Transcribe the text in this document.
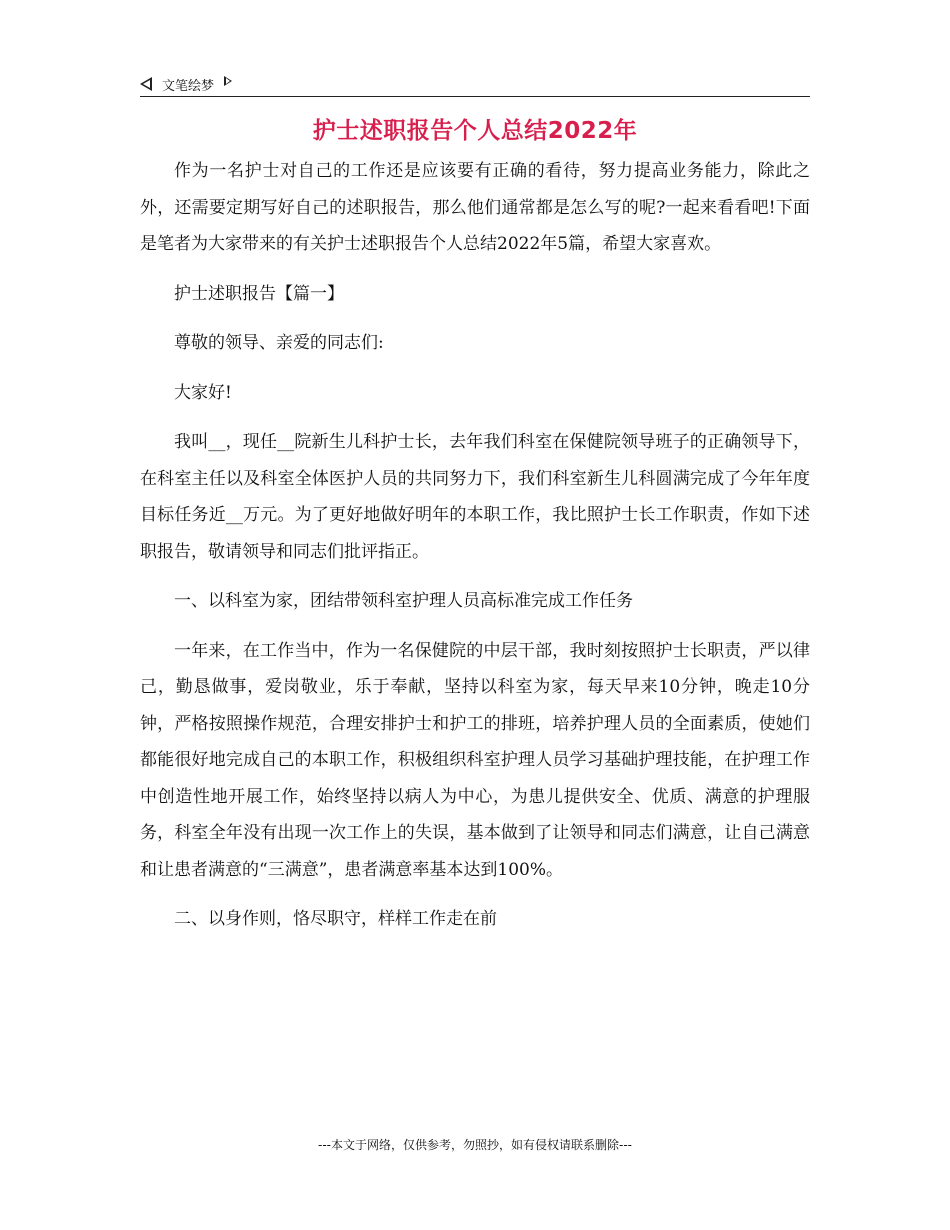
文笔绘梦
护士述职报告个人总结2022年

作为一名护士对自己的工作还是应该要有正确的看待，努力提高业务能力，除此之外，还需要定期写好自己的述职报告，那么他们通常都是怎么写的呢?一起来看看吧!下面是笔者为大家带来的有关护士述职报告个人总结2022年5篇，希望大家喜欢。

护士述职报告【篇一】

尊敬的领导、亲爱的同志们:

大家好!

我叫__，现任__院新生儿科护士长，去年我们科室在保健院领导班子的正确领导下，在科室主任以及科室全体医护人员的共同努力下，我们科室新生儿科圆满完成了今年年度目标任务近__万元。为了更好地做好明年的本职工作，我比照护士长工作职责，作如下述职报告，敬请领导和同志们批评指正。

一、以科室为家，团结带领科室护理人员高标准完成工作任务

一年来，在工作当中，作为一名保健院的中层干部，我时刻按照护士长职责，严以律己，勤恳做事，爱岗敬业，乐于奉献，坚持以科室为家，每天早来10分钟，晚走10分钟，严格按照操作规范，合理安排护士和护工的排班，培养护理人员的全面素质，使她们都能很好地完成自己的本职工作，积极组织科室护理人员学习基础护理技能，在护理工作中创造性地开展工作，始终坚持以病人为中心，为患儿提供安全、优质、满意的护理服务，科室全年没有出现一次工作上的失误，基本做到了让领导和同志们满意，让自己满意和让患者满意的“三满意”，患者满意率基本达到100%。

二、以身作则，恪尽职守，样样工作走在前

---本文于网络，仅供参考，勿照抄，如有侵权请联系删除---
